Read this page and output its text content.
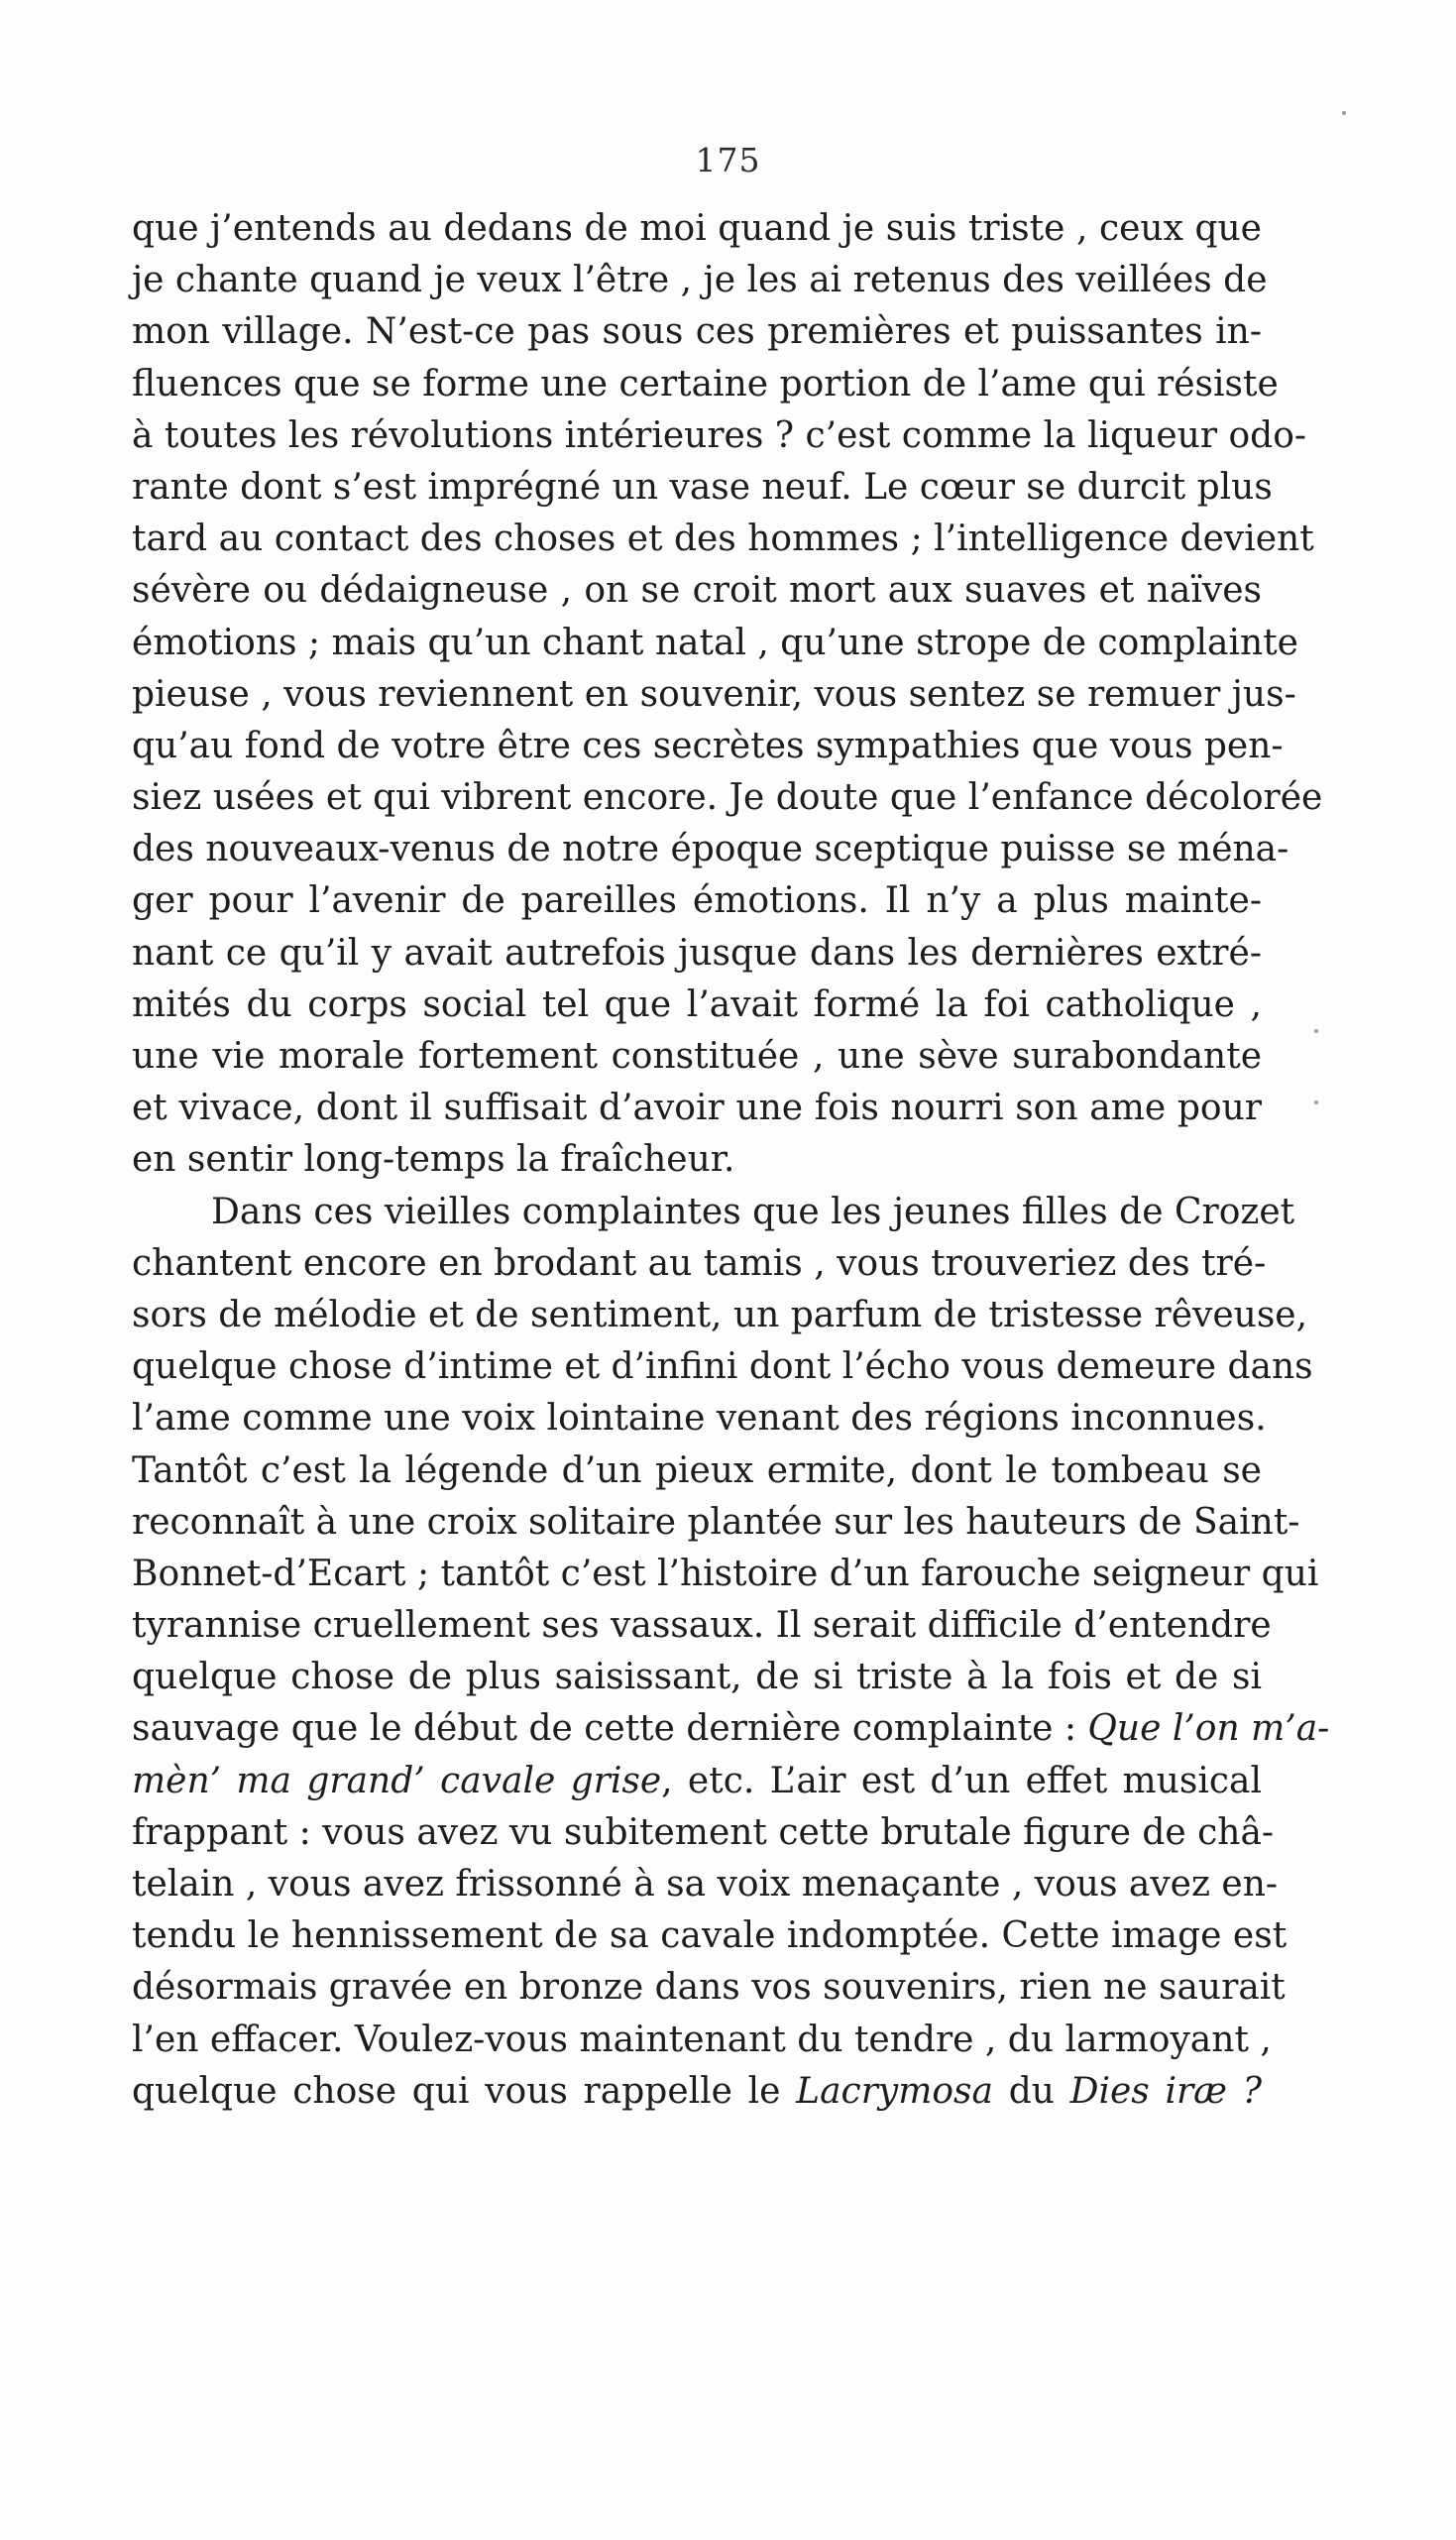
175
que j’entends au dedans de moi quand je suis triste , ceux que
je chante quand je veux l’être , je les ai retenus des veillées de
mon village. N’est-ce pas sous ces premières et puissantes in-
fluences que se forme une certaine portion de l’ame qui résiste
à toutes les révolutions intérieures ? c’est comme la liqueur odo-
rante dont s’est imprégné un vase neuf. Le cœur se durcit plus
tard au contact des choses et des hommes ; l’intelligence devient
sévère ou dédaigneuse , on se croit mort aux suaves et naïves
émotions ; mais qu’un chant natal , qu’une strope de complainte
pieuse , vous reviennent en souvenir, vous sentez se remuer jus-
qu’au fond de votre être ces secrètes sympathies que vous pen-
siez usées et qui vibrent encore. Je doute que l’enfance décolorée
des nouveaux-venus de notre époque sceptique puisse se ména-
ger pour l’avenir de pareilles émotions. Il n’y a plus mainte-
nant ce qu’il y avait autrefois jusque dans les dernières extré-
mités du corps social tel que l’avait formé la foi catholique ,
une vie morale fortement constituée , une sève surabondante
et vivace, dont il suffisait d’avoir une fois nourri son ame pour
en sentir long-temps la fraîcheur.
Dans ces vieilles complaintes que les jeunes filles de Crozet
chantent encore en brodant au tamis , vous trouveriez des tré-
sors de mélodie et de sentiment, un parfum de tristesse rêveuse,
quelque chose d’intime et d’infini dont l’écho vous demeure dans
l’ame comme une voix lointaine venant des régions inconnues.
Tantôt c’est la légende d’un pieux ermite, dont le tombeau se
reconnaît à une croix solitaire plantée sur les hauteurs de Saint-
Bonnet-d’Ecart ; tantôt c’est l’histoire d’un farouche seigneur qui
tyrannise cruellement ses vassaux. Il serait difficile d’entendre
quelque chose de plus saisissant, de si triste à la fois et de si
sauvage que le début de cette dernière complainte : Que l’on m’a-
mèn’ ma grand’ cavale grise, etc. L’air est d’un effet musical
frappant : vous avez vu subitement cette brutale figure de châ-
telain , vous avez frissonné à sa voix menaçante , vous avez en-
tendu le hennissement de sa cavale indomptée. Cette image est
désormais gravée en bronze dans vos souvenirs, rien ne saurait
l’en effacer. Voulez-vous maintenant du tendre , du larmoyant ,
quelque chose qui vous rappelle le Lacrymosa du Dies iræ ?
